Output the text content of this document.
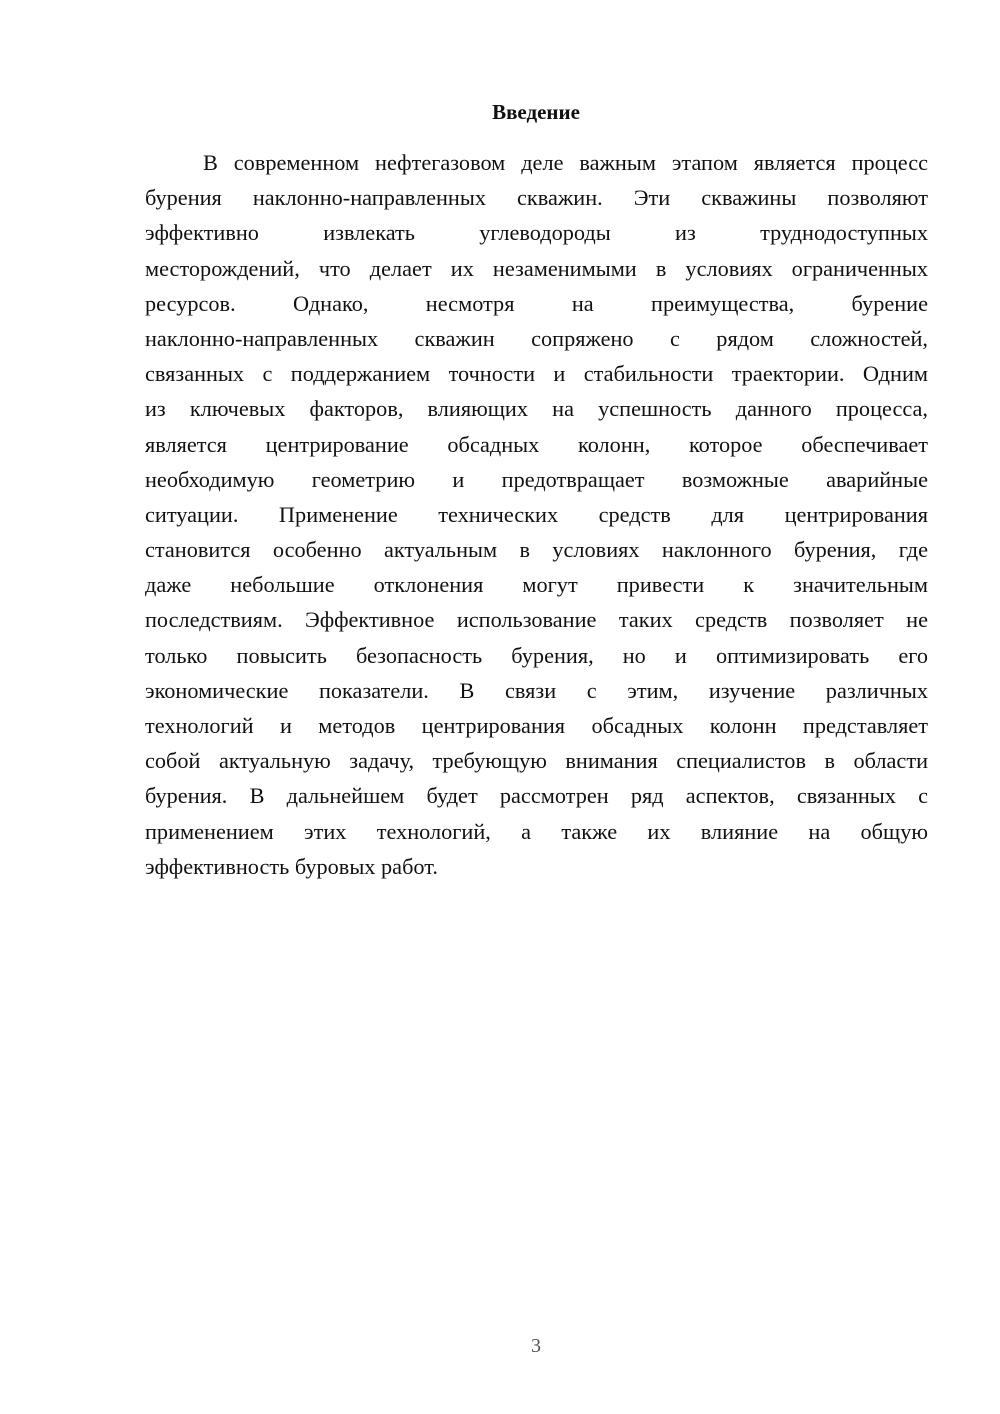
Введение
В современном нефтегазовом деле важным этапом является процесс
бурения наклонно-направленных скважин. Эти скважины позволяют
эффективно извлекать углеводороды из труднодоступных
месторождений, что делает их незаменимыми в условиях ограниченных
ресурсов. Однако, несмотря на преимущества, бурение
наклонно-направленных скважин сопряжено с рядом сложностей,
связанных с поддержанием точности и стабильности траектории. Одним
из ключевых факторов, влияющих на успешность данного процесса,
является центрирование обсадных колонн, которое обеспечивает
необходимую геометрию и предотвращает возможные аварийные
ситуации. Применение технических средств для центрирования
становится особенно актуальным в условиях наклонного бурения, где
даже небольшие отклонения могут привести к значительным
последствиям. Эффективное использование таких средств позволяет не
только повысить безопасность бурения, но и оптимизировать его
экономические показатели. В связи с этим, изучение различных
технологий и методов центрирования обсадных колонн представляет
собой актуальную задачу, требующую внимания специалистов в области
бурения. В дальнейшем будет рассмотрен ряд аспектов, связанных с
применением этих технологий, а также их влияние на общую
эффективность буровых работ.
3
